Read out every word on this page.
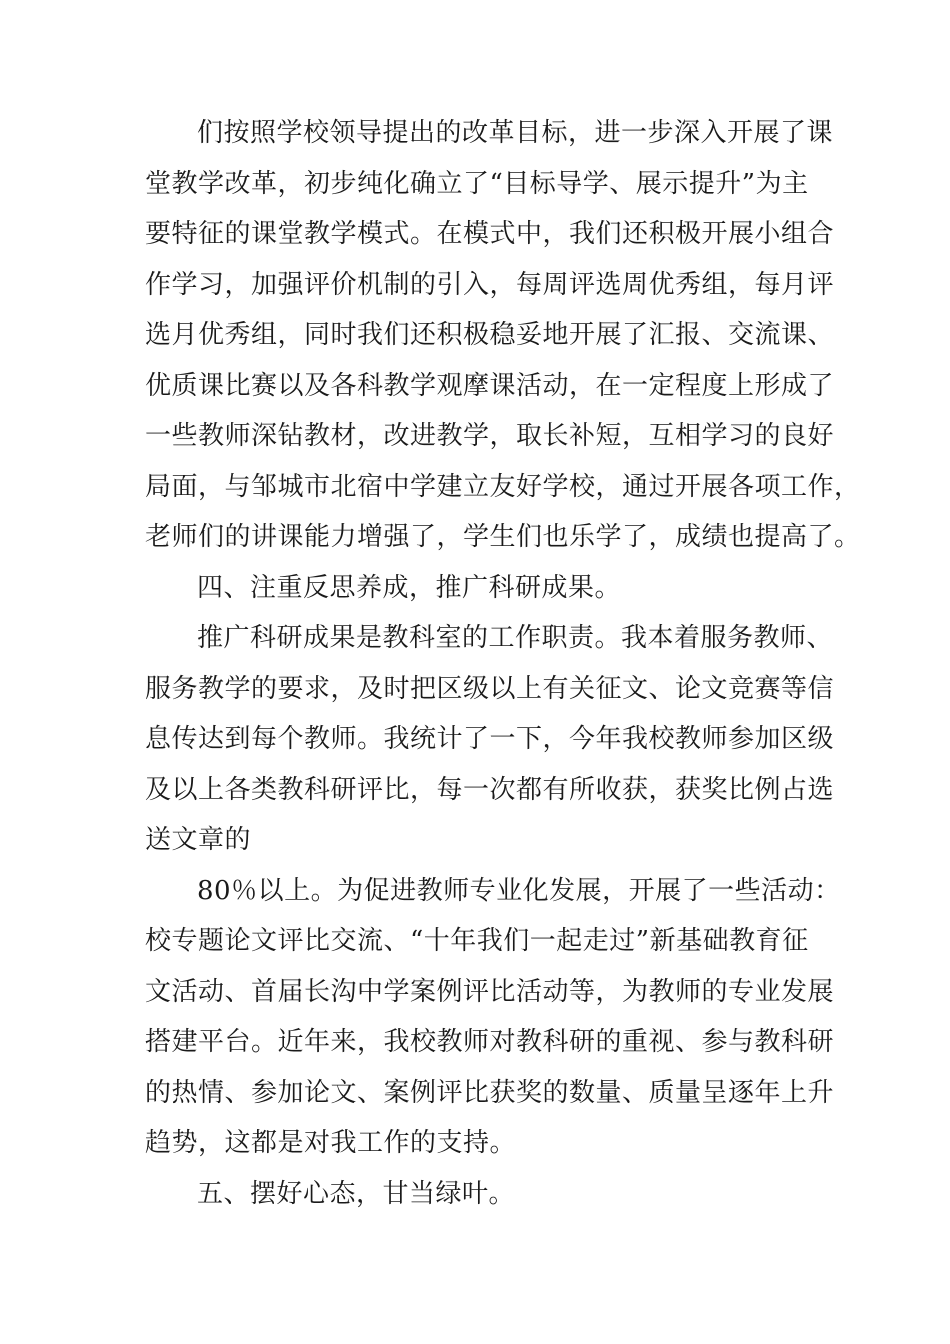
们按照学校领导提出的改革目标，进一步深入开展了课
堂教学改革，初步纯化确立了“目标导学、展示提升”为主
要特征的课堂教学模式。在模式中，我们还积极开展小组合
作学习，加强评价机制的引入，每周评选周优秀组，每月评
选月优秀组，同时我们还积极稳妥地开展了汇报、交流课、
优质课比赛以及各科教学观摩课活动，在一定程度上形成了
一些教师深钻教材，改进教学，取长补短，互相学习的良好
局面，与邹城市北宿中学建立友好学校，通过开展各项工作，
老师们的讲课能力增强了，学生们也乐学了，成绩也提高了。
四、注重反思养成，推广科研成果。
推广科研成果是教科室的工作职责。我本着服务教师、
服务教学的要求，及时把区级以上有关征文、论文竞赛等信
息传达到每个教师。我统计了一下，今年我校教师参加区级
及以上各类教科研评比，每一次都有所收获，获奖比例占选
送文章的
80％以上。为促进教师专业化发展，开展了一些活动：
校专题论文评比交流、“十年我们一起走过”新基础教育征
文活动、首届长沟中学案例评比活动等，为教师的专业发展
搭建平台。近年来，我校教师对教科研的重视、参与教科研
的热情、参加论文、案例评比获奖的数量、质量呈逐年上升
趋势，这都是对我工作的支持。
五、摆好心态，甘当绿叶。
